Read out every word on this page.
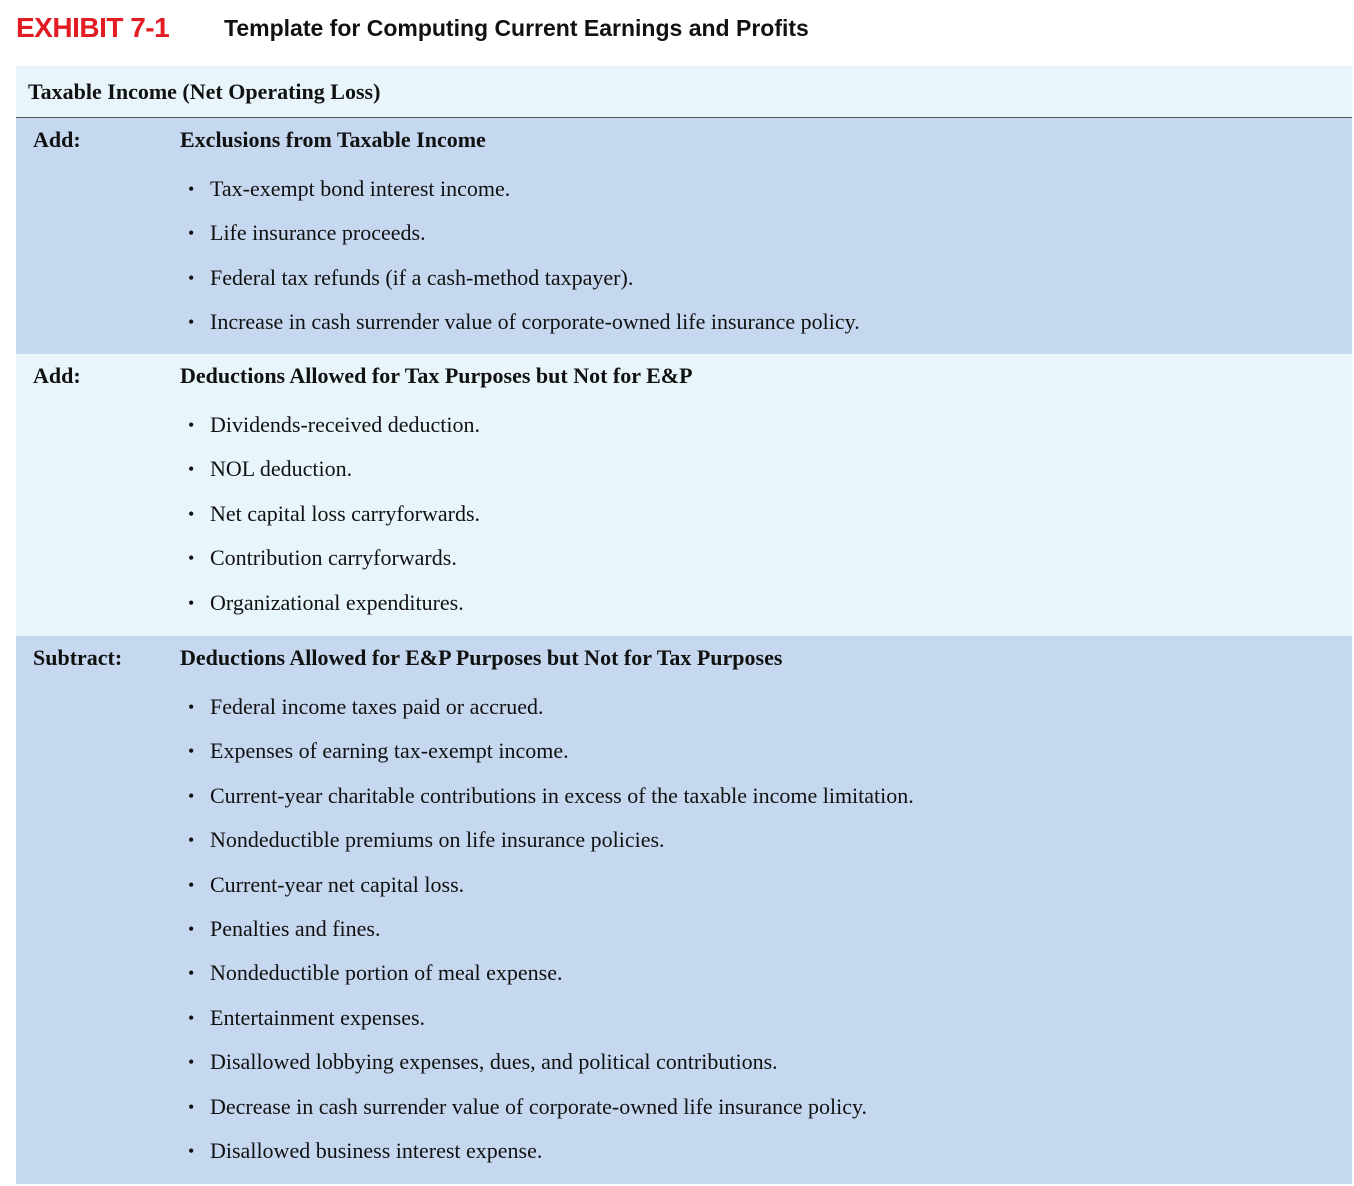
EXHIBIT 7-1	Template for Computing Current Earnings and Profits
Taxable Income (Net Operating Loss)
Add:	Exclusions from Taxable Income
• Tax-exempt bond interest income.
• Life insurance proceeds.
• Federal tax refunds (if a cash-method taxpayer).
• Increase in cash surrender value of corporate-owned life insurance policy.
Add:	Deductions Allowed for Tax Purposes but Not for E&P
• Dividends-received deduction.
• NOL deduction.
• Net capital loss carryforwards.
• Contribution carryforwards.
• Organizational expenditures.
Subtract:	Deductions Allowed for E&P Purposes but Not for Tax Purposes
• Federal income taxes paid or accrued.
• Expenses of earning tax-exempt income.
• Current-year charitable contributions in excess of the taxable income limitation.
• Nondeductible premiums on life insurance policies.
• Current-year net capital loss.
• Penalties and fines.
• Nondeductible portion of meal expense.
• Entertainment expenses.
• Disallowed lobbying expenses, dues, and political contributions.
• Decrease in cash surrender value of corporate-owned life insurance policy.
• Disallowed business interest expense.
